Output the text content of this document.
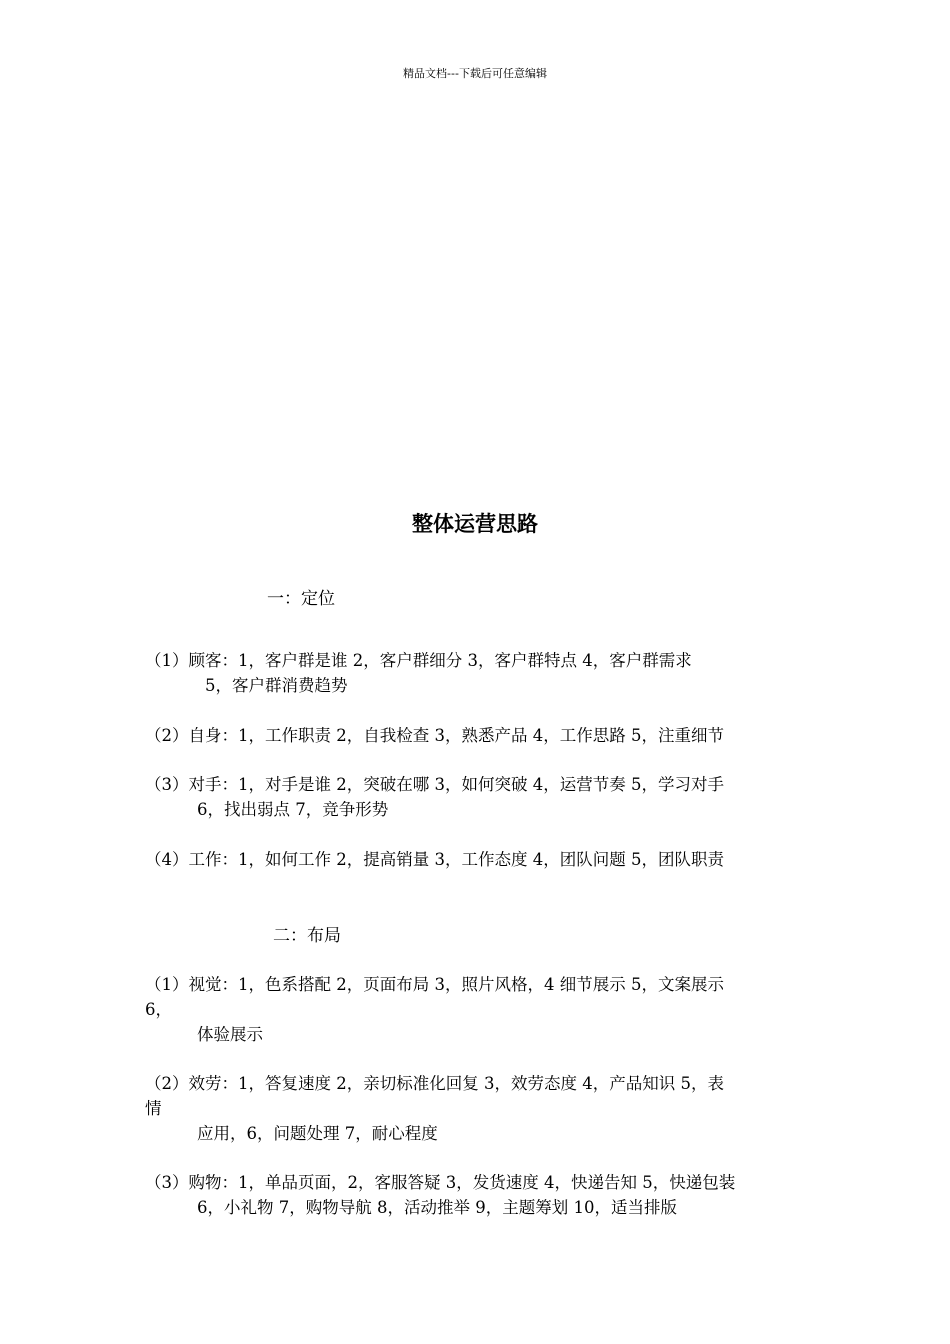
精品文档---下载后可任意编辑
整体运营思路
一：定位
（1）顾客：1，客户群是谁 2，客户群细分 3，客户群特点 4，客户群需求
5，客户群消费趋势
（2）自身：1，工作职责 2，自我检查 3，熟悉产品 4，工作思路 5，注重细节
（3）对手：1，对手是谁 2，突破在哪 3，如何突破 4，运营节奏 5，学习对手
6，找出弱点 7，竞争形势
（4）工作：1，如何工作 2，提高销量 3，工作态度 4，团队问题 5，团队职责
二：布局
（1）视觉：1，色系搭配 2，页面布局 3，照片风格，4 细节展示 5，文案展示
6，
体验展示
（2）效劳：1，答复速度 2，亲切标准化回复 3，效劳态度 4，产品知识 5，表
情
应用，6，问题处理 7，耐心程度
（3）购物：1，单品页面，2，客服答疑 3，发货速度 4，快递告知 5，快递包装
6，小礼物 7，购物导航 8，活动推举 9，主题筹划 10，适当排版
